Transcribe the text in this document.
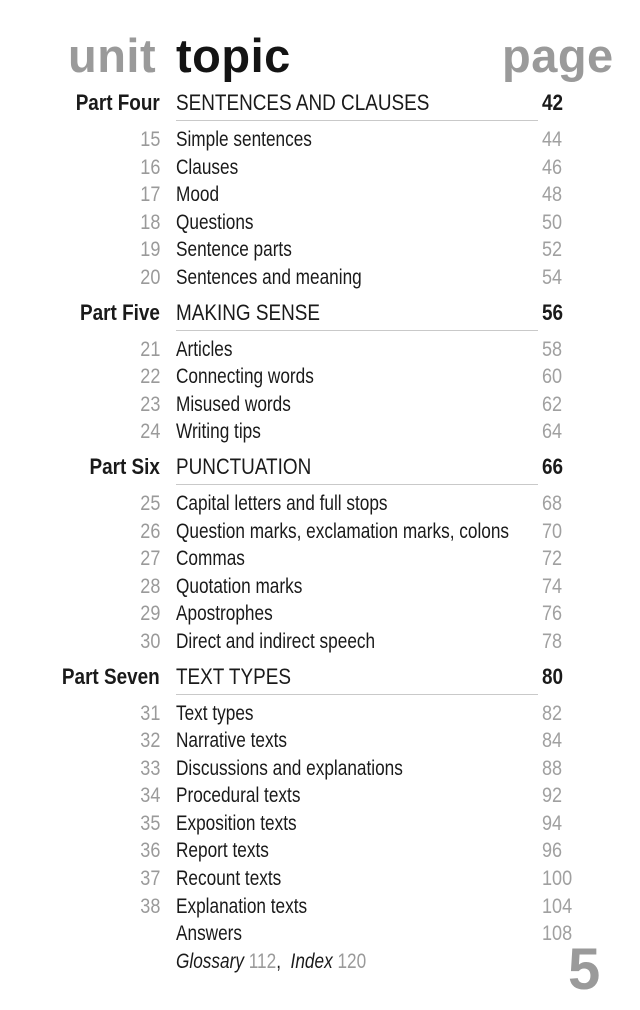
unit topic	page
Part Four SENTENCES AND CLAUSES	42
15 Simple sentences	44
16 Clauses	46
17 Mood	48
18 Questions	50
19 Sentence parts	52
20 Sentences and meaning	54
Part Five MAKING SENSE	56
21 Articles	58
22 Connecting words	60
23 Misused words	62
24 Writing tips	64
Part Six PUNCTUATION	66
25 Capital letters and full stops	68
26 Question marks, exclamation marks, colons 70
27 Commas	72
28 Quotation marks	74
29 Apostrophes	76
30 Direct and indirect speech	78
Part Seven TEXT TYPES	80
31 Text types	82
32 Narrative texts	84
33 Discussions and explanations	88
34 Procedural texts	92
35 Exposition texts	94
36 Report texts	96
37 Recount texts	100
38 Explanation texts	104
Answers	108
Glossary 112, Index 120	5
